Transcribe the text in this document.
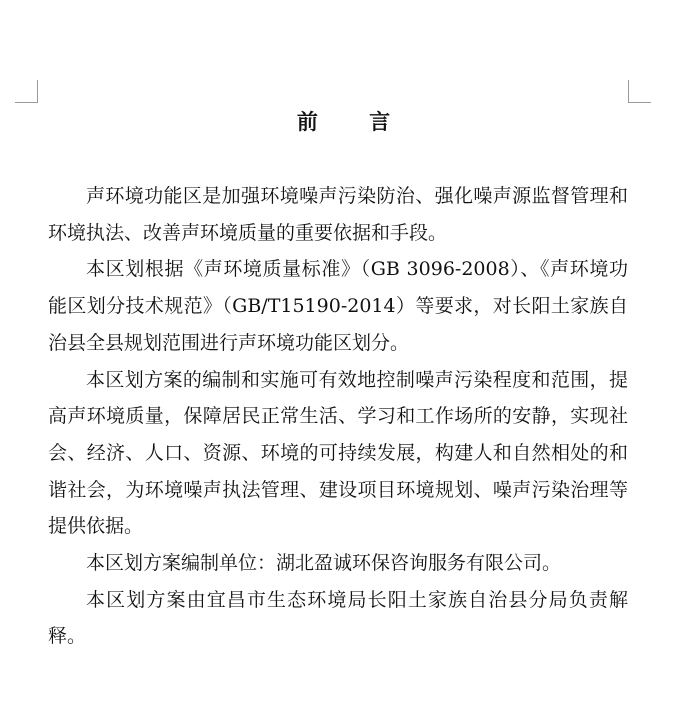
前 言

声环境功能区是加强环境噪声污染防治、强化噪声源监督管理和环境执法、改善声环境质量的重要依据和手段。

本区划根据《声环境质量标准》（GB 3096-2008）、《声环境功能区划分技术规范》（GB/T15190-2014）等要求，对长阳土家族自治县全县规划范围进行声环境功能区划分。

本区划方案的编制和实施可有效地控制噪声污染程度和范围，提高声环境质量，保障居民正常生活、学习和工作场所的安静，实现社会、经济、人口、资源、环境的可持续发展，构建人和自然相处的和谐社会，为环境噪声执法管理、建设项目环境规划、噪声污染治理等提供依据。

本区划方案编制单位：湖北盈诚环保咨询服务有限公司。

本区划方案由宜昌市生态环境局长阳土家族自治县分局负责解释。
